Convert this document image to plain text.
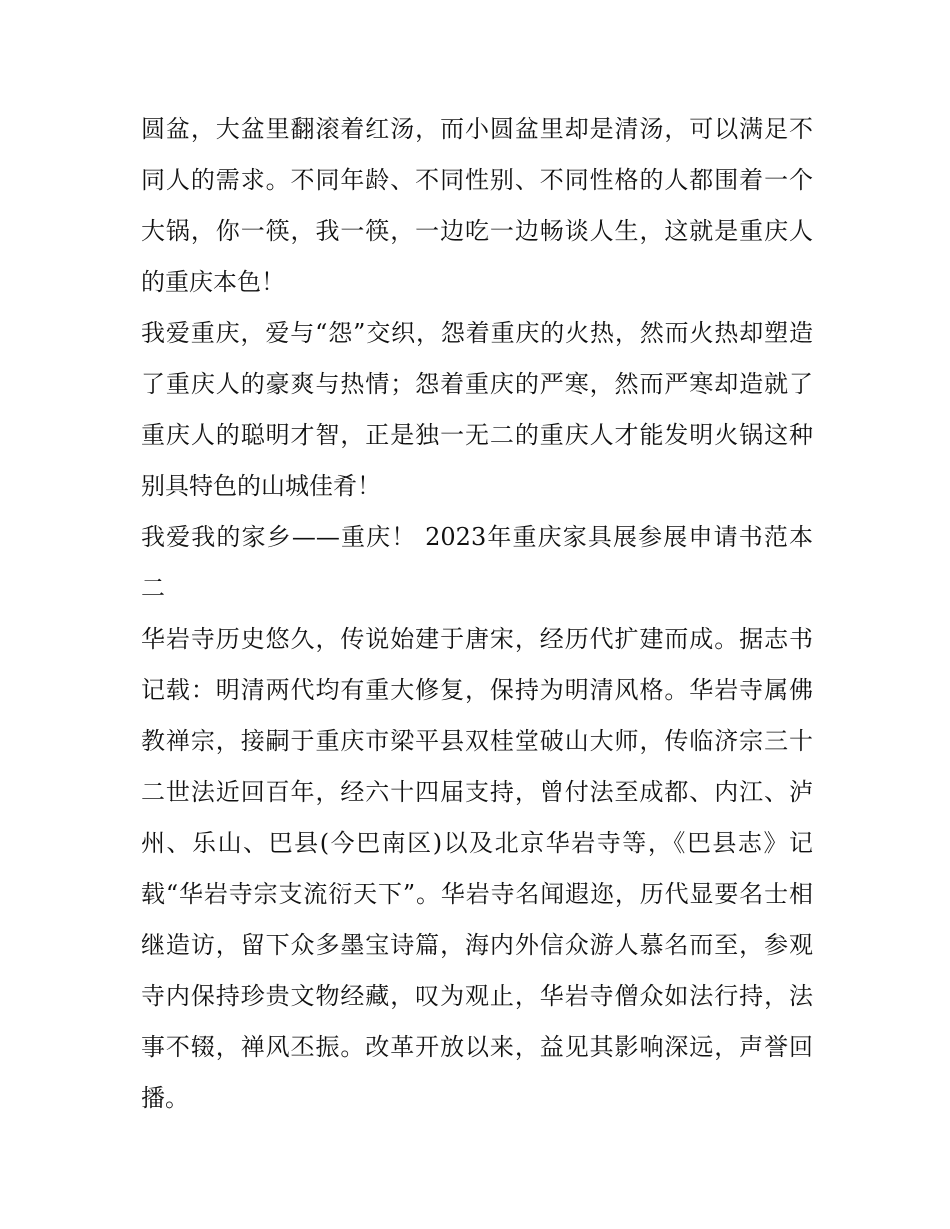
圆盆，大盆里翻滚着红汤，而小圆盆里却是清汤，可以满足不
同人的需求。不同年龄、不同性别、不同性格的人都围着一个
大锅，你一筷，我一筷，一边吃一边畅谈人生，这就是重庆人
的重庆本色！
我爱重庆，爱与“怨”交织，怨着重庆的火热，然而火热却塑造
了重庆人的豪爽与热情；怨着重庆的严寒，然而严寒却造就了
重庆人的聪明才智，正是独一无二的重庆人才能发明火锅这种
别具特色的山城佳肴！
我爱我的家乡——重庆！ 2023年重庆家具展参展申请书范本
二
华岩寺历史悠久，传说始建于唐宋，经历代扩建而成。据志书
记载：明清两代均有重大修复，保持为明清风格。华岩寺属佛
教禅宗，接嗣于重庆市梁平县双桂堂破山大师，传临济宗三十
二世法近回百年，经六十四届支持，曾付法至成都、内江、泸
州、乐山、巴县(今巴南区)以及北京华岩寺等，《巴县志》记
载“华岩寺宗支流衍天下”。华岩寺名闻遐迩，历代显要名士相
继造访，留下众多墨宝诗篇，海内外信众游人慕名而至，参观
寺内保持珍贵文物经藏，叹为观止，华岩寺僧众如法行持，法
事不辍，禅风丕振。改革开放以来，益见其影响深远，声誉回
播。
